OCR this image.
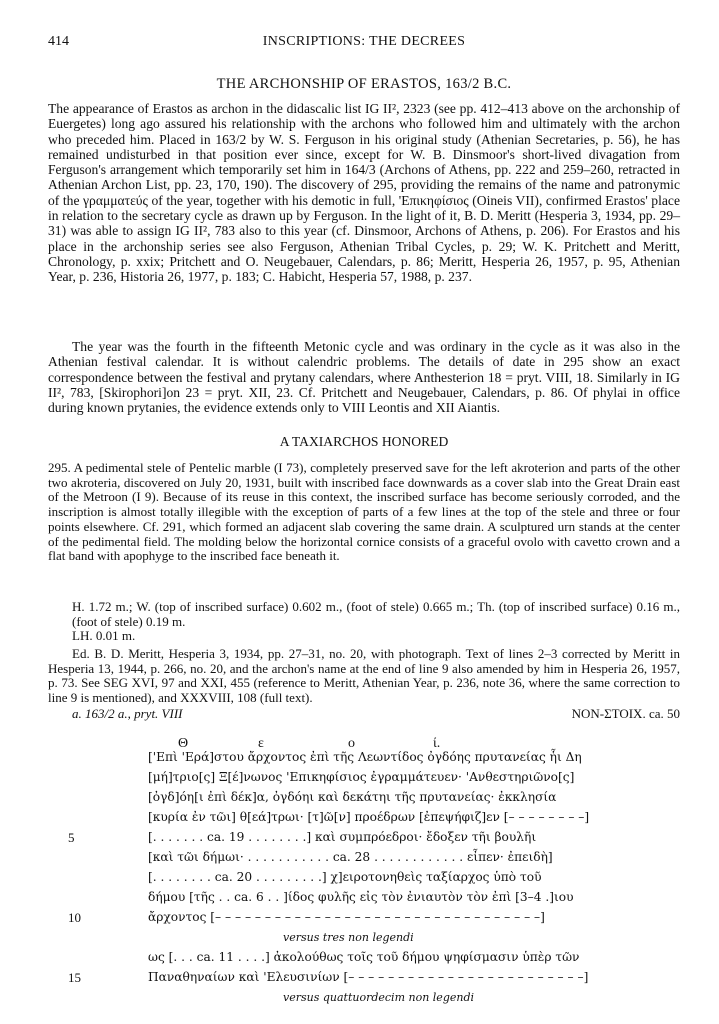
414	INSCRIPTIONS: THE DECREES
THE ARCHONSHIP OF ERASTOS, 163/2 B.C.

The appearance of Erastos as archon in the didascalic list IG II², 2323 (see pp. 412–413 above on the archonship of Euergetes) long ago assured his relationship with the archons who followed him and ultimately with the archon who preceded him. Placed in 163/2 by W. S. Ferguson in his original study (Athenian Secretaries, p. 56), he has remained undisturbed in that position ever since, except for W. B. Dinsmoor's short-lived divagation from Ferguson's arrangement which temporarily set him in 164/3 (Archons of Athens, pp. 222 and 259–260, retracted in Athenian Archon List, pp. 23, 170, 190). The discovery of 295, providing the remains of the name and patronymic of the γραμματεύς of the year, together with his demotic in full, 'Επικηφίσιος (Oineis VII), confirmed Erastos' place in relation to the secretary cycle as drawn up by Ferguson. In the light of it, B. D. Meritt (Hesperia 3, 1934, pp. 29–31) was able to assign IG II², 783 also to this year (cf. Dinsmoor, Archons of Athens, p. 206). For Erastos and his place in the archonship series see also Ferguson, Athenian Tribal Cycles, p. 29; W. K. Pritchett and Meritt, Chronology, p. xxix; Pritchett and O. Neugebauer, Calendars, p. 86; Meritt, Hesperia 26, 1957, p. 95, Athenian Year, p. 236, Historia 26, 1977, p. 183; C. Habicht, Hesperia 57, 1988, p. 237.

The year was the fourth in the fifteenth Metonic cycle and was ordinary in the cycle as it was also in the Athenian festival calendar. It is without calendric problems. The details of date in 295 show an exact correspondence between the festival and prytany calendars, where Anthesterion 18 = pryt. VIII, 18. Similarly in IG II², 783, [Skirophori]on 23 = pryt. XII, 23. Cf. Pritchett and Neugebauer, Calendars, p. 86. Of phylai in office during known prytanies, the evidence extends only to VIII Leontis and XII Aiantis.

A TAXIARCHOS HONORED

295. A pedimental stele of Pentelic marble (I 73), completely preserved save for the left akroterion and parts of the other two akroteria, discovered on July 20, 1931, built with inscribed face downwards as a cover slab into the Great Drain east of the Metroon (I 9). Because of its reuse in this context, the inscribed surface has become seriously corroded, and the inscription is almost totally illegible with the exception of parts of a few lines at the top of the stele and three or four points elsewhere. Cf. 291, which formed an adjacent slab covering the same drain. A sculptured urn stands at the center of the pedimental field. The molding below the horizontal cornice consists of a graceful ovolo with cavetto crown and a flat band with apophyge to the inscribed face beneath it.

H. 1.72 m.; W. (top of inscribed surface) 0.602 m., (foot of stele) 0.665 m.; Th. (top of inscribed surface) 0.16 m., (foot of stele) 0.19 m.

LH. 0.01 m.

Ed. B. D. Meritt, Hesperia 3, 1934, pp. 27–31, no. 20, with photograph. Text of lines 2–3 corrected by Meritt in Hesperia 13, 1944, p. 266, no. 20, and the archon's name at the end of line 9 also amended by him in Hesperia 26, 1957, p. 73. See SEG XVI, 97 and XXI, 455 (reference to Meritt, Athenian Year, p. 236, note 36, where the same correction to line 9 is mentioned), and XXXVIII, 108 (full text).

a. 163/2 a., pryt. VIII	NON-ΣΤΟΙΧ. ca. 50
Θ	ε	ο	ί.
['Επὶ 'Ερά]στου ἄρχοντος ἐπὶ τῆς Λεωντίδος ὀγδόης πρυτανείας ἧι Δη
[μή]τριο[ς] Ξ[έ]νωνος 'Επικηφίσιος ἐγραμμάτευεν· 'Ανθεστηριῶνο[ς]
[ὀγδ]όη[ι ἐπὶ δέκ]α, ὀγδόηι καὶ δεκάτηι τῆς πρυτανείας· ἐκκλησία
[κυρία ἐν τῶι] θ[εά]τρωι· [τ]ῶ[ν] προέδρων [ἐπεψήφιζ]εν [– – – – – – – –]
5	[. . . . . . . ca. 19 . . . . . . . .] καὶ συμπρόεδροι· ἔδοξεν τῆι βουλῆι
[καὶ τῶι δήμωι· . . . . . . . . . . . ca. 28 . . . . . . . . . . . . εἶπεν· ἐπειδὴ]
[. . . . . . . . ca. 20 . . . . . . . . .] χ]ειροτονηθεὶς ταξίαρχος ὑπὸ τοῦ
δήμου [τῆς . . ca. 6 . . ]ίδος φυλῆς εἰς τὸν ἐνιαυτὸν τὸν ἐπὶ [3–4 .]ιου
10	ἄρχοντος [– – – – – – – – – – – – – – – – – – – – – – – – – – – – – – – – –]
versus tres non legendi
ως [. . . ca. 11 . . . .] ἀκολούθως τοῖς τοῦ δήμου ψηφίσμασιν ὑπὲρ τῶν
15	Παναθηναίων καὶ 'Ελευσινίων [– – – – – – – – – – – – – – – – – – – – – – – –]
versus quattuordecim non legendi
